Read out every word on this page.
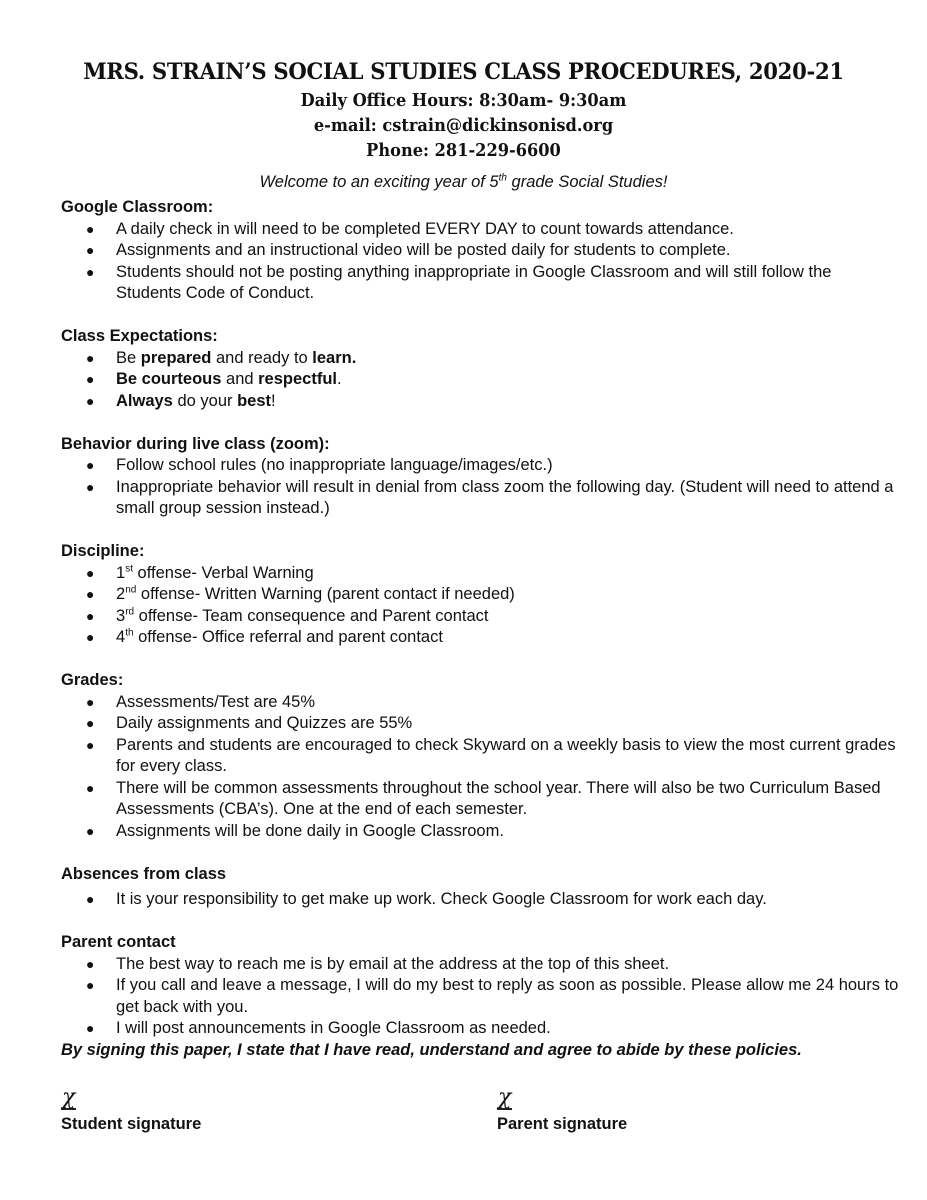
MRS. STRAIN’S SOCIAL STUDIES CLASS PROCEDURES, 2020-21

Daily Office Hours: 8:30am- 9:30am

e-mail: cstrain@dickinsonisd.org

Phone: 281-229-6600

Welcome to an exciting year of 5th grade Social Studies!

Google Classroom:

● A daily check in will need to be completed EVERY DAY to count towards attendance.
● Assignments and an instructional video will be posted daily for students to complete.
● Students should not be posting anything inappropriate in Google Classroom and will still follow the Students Code of Conduct.

Class Expectations:

● Be prepared and ready to learn.
● Be courteous and respectful.
● Always do your best!

Behavior during live class (zoom):

● Follow school rules (no inappropriate language/images/etc.)
● Inappropriate behavior will result in denial from class zoom the following day. (Student will need to attend a small group session instead.)

Discipline:

● 1st offense- Verbal Warning
● 2nd offense- Written Warning (parent contact if needed)
● 3rd offense- Team consequence and Parent contact
● 4th offense- Office referral and parent contact

Grades:

● Assessments/Test are 45%
● Daily assignments and Quizzes are 55%
● Parents and students are encouraged to check Skyward on a weekly basis to view the most current grades for every class.
● There will be common assessments throughout the school year. There will also be two Curriculum Based Assessments (CBA’s). One at the end of each semester.
● Assignments will be done daily in Google Classroom.

Absences from class

● It is your responsibility to get make up work. Check Google Classroom for work each day.

Parent contact

● The best way to reach me is by email at the address at the top of this sheet.
● If you call and leave a message, I will do my best to reply as soon as possible. Please allow me 24 hours to get back with you.
● I will post announcements in Google Classroom as needed.

By signing this paper, I state that I have read, understand and agree to abide by these policies.

χ
Student signature
χ
Parent signature
